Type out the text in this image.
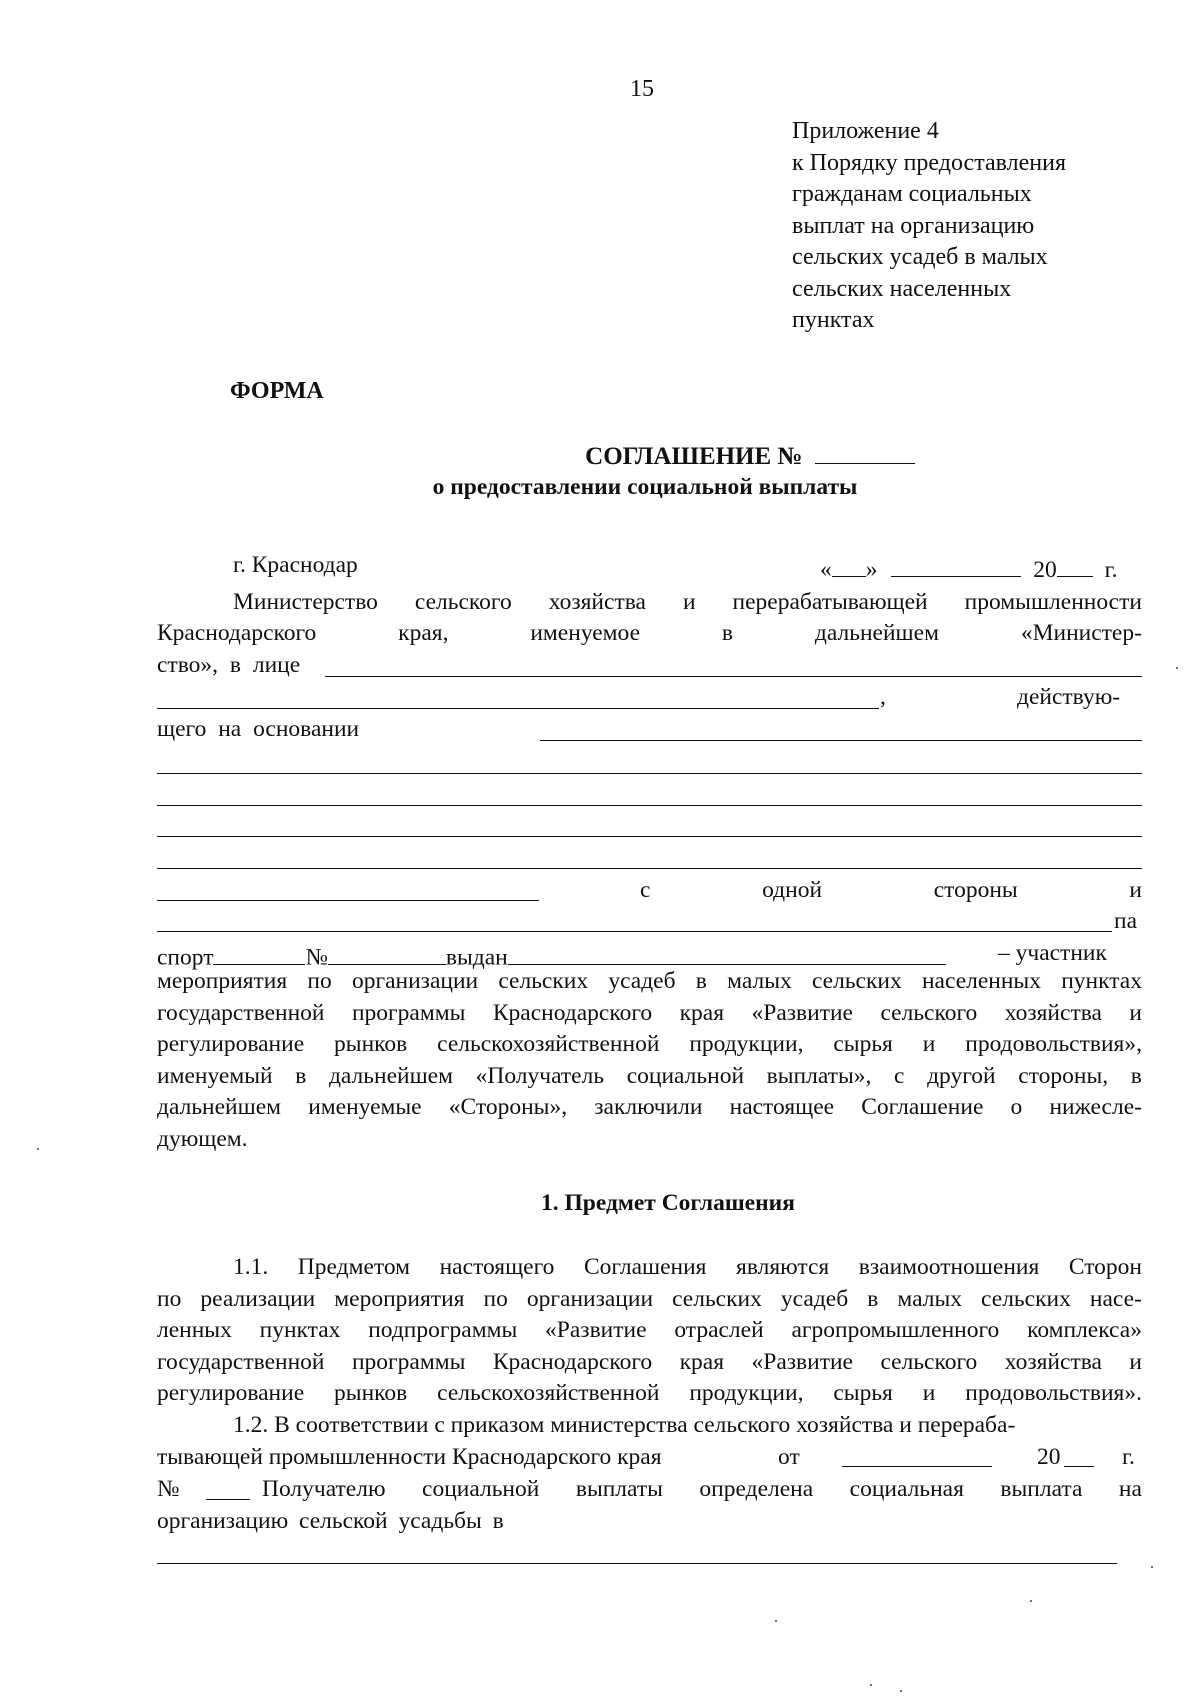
15
Приложение 4
к Порядку предоставления
гражданам социальных
выплат на организацию
сельских усадеб в малых
сельских населенных
пунктах
ФОРМА
СОГЛАШЕНИЕ №
о предоставлении социальной выплаты
г. Краснодар	« »	20 г.
Министерство сельского хозяйства и перерабатывающей промышленности
Краснодарского	края,	именуемое	в	дальнейшем	«Министер-
ство», в лице
,	действую-
щего на основании
с	одной	стороны	и
па
спорт	№	выдан	– участник
мероприятия по организации сельских усадеб в малых сельских населенных пунктах
государственной программы Краснодарского края «Развитие сельского хозяйства и
регулирование рынков сельскохозяйственной продукции, сырья и продовольствия»,
именуемый в дальнейшем «Получатель социальной выплаты», с другой стороны, в
дальнейшем именуемые «Стороны», заключили настоящее Соглашение о нижесле-
дующем.
1. Предмет Соглашения
1.1. Предметом настоящего Соглашения являются взаимоотношения Сторон
по реализации мероприятия по организации сельских усадеб в малых сельских насе-
ленных пунктах подпрограммы «Развитие отраслей агропромышленного комплекса»
государственной программы Краснодарского края «Развитие сельского хозяйства и
регулирование рынков сельскохозяйственной продукции, сырья и продовольствия».
1.2. В соответствии с приказом министерства сельского хозяйства и перераба-
тывающей промышленности Краснодарского края	от	20	г.
№	Получателю социальной выплаты определена социальная выплата на
организацию сельской усадьбы в
